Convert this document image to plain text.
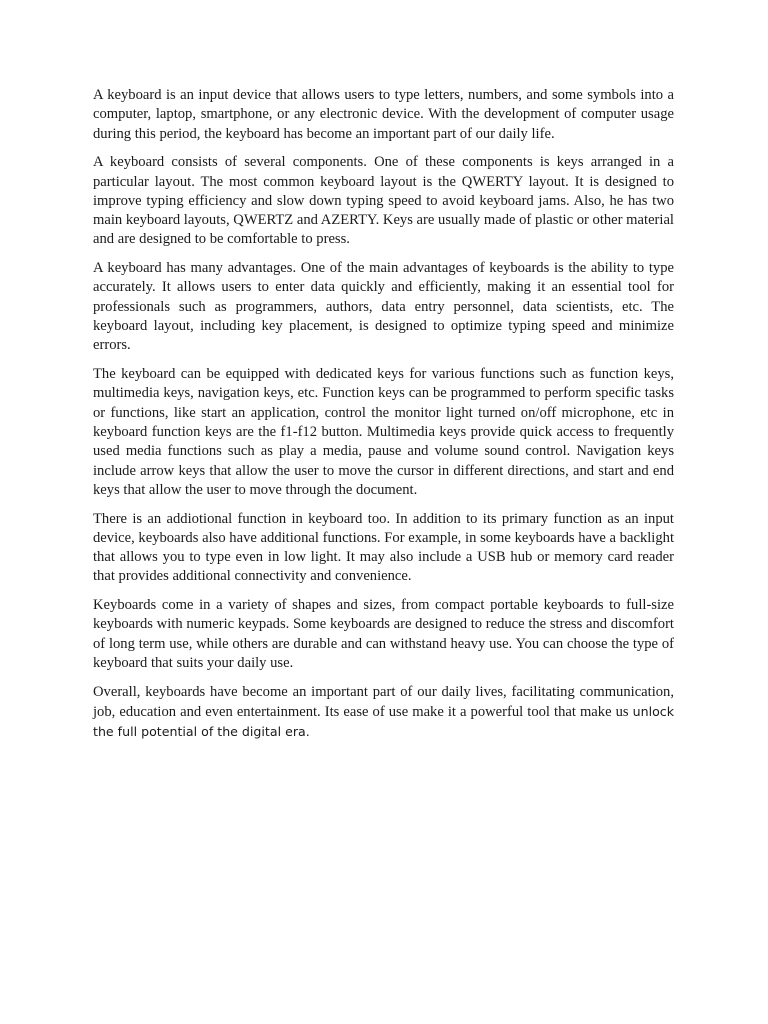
A keyboard is an input device that allows users to type letters, numbers, and some symbols into a computer, laptop, smartphone, or any electronic device. With the development of computer usage during this period, the keyboard has become an important part of our daily life.

A keyboard consists of several components. One of these components is keys arranged in a particular layout. The most common keyboard layout is the QWERTY layout. It is designed to improve typing efficiency and slow down typing speed to avoid keyboard jams. Also, he has two main keyboard layouts, QWERTZ and AZERTY. Keys are usually made of plastic or other material and are designed to be comfortable to press.

A keyboard has many advantages. One of the main advantages of keyboards is the ability to type accurately. It allows users to enter data quickly and efficiently, making it an essential tool for professionals such as programmers, authors, data entry personnel, data scientists, etc. The keyboard layout, including key placement, is designed to optimize typing speed and minimize errors.

The keyboard can be equipped with dedicated keys for various functions such as function keys, multimedia keys, navigation keys, etc. Function keys can be programmed to perform specific tasks or functions, like start an application, control the monitor light turned on/off microphone, etc in keyboard function keys are the f1-f12 button. Multimedia keys provide quick access to frequently used media functions such as play a media, pause and volume sound control. Navigation keys include arrow keys that allow the user to move the cursor in different directions, and start and end keys that allow the user to move through the document.

There is an addiotional function in keyboard too. In addition to its primary function as an input device, keyboards also have additional functions. For example, in some keyboards have a backlight that allows you to type even in low light. It may also include a USB hub or memory card reader that provides additional connectivity and convenience.

Keyboards come in a variety of shapes and sizes, from compact portable keyboards to full-size keyboards with numeric keypads. Some keyboards are designed to reduce the stress and discomfort of long term use, while others are durable and can withstand heavy use. You can choose the type of keyboard that suits your daily use.

Overall, keyboards have become an important part of our daily lives, facilitating communication, job, education and even entertainment. Its ease of use make it a powerful tool that make us unlock the full potential of the digital era.
